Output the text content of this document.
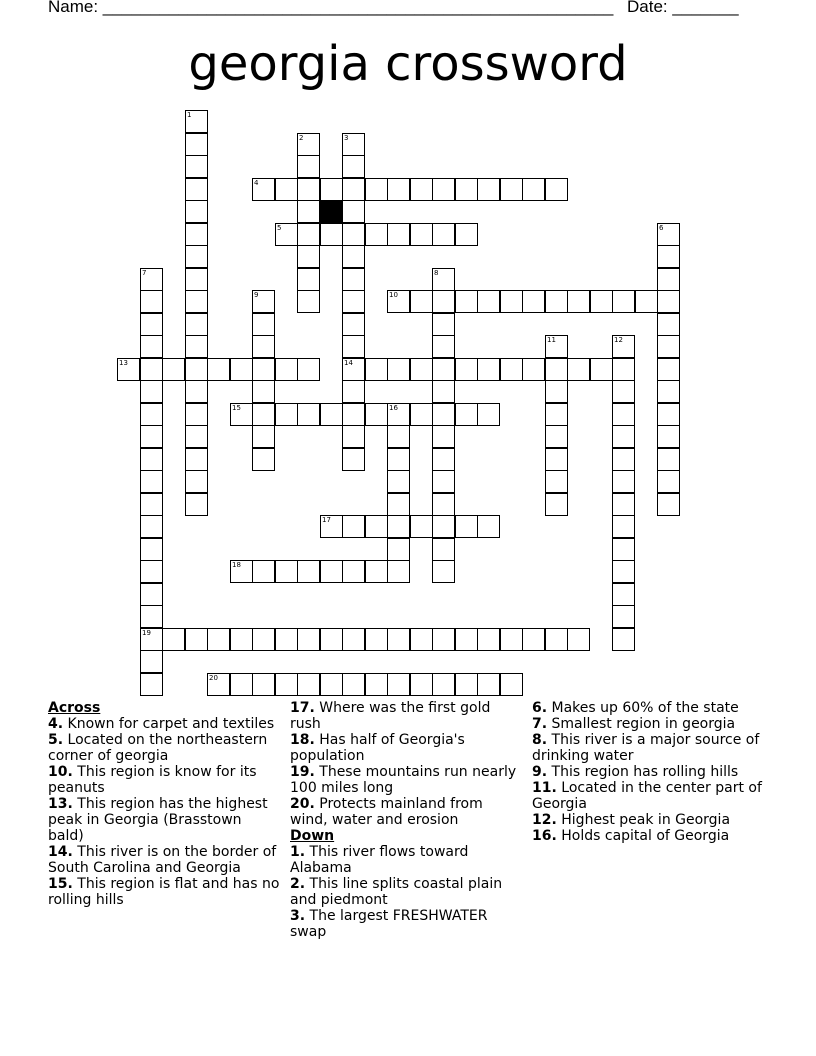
Name: ______________________________________________________ Date: _______
georgia crossword
1
2	3
14
4
5	6
7
19
8
9	10
11	12
13
15	16
17
18
20
Across
4. Known for carpet and textiles
5. Located on the northeastern corner of georgia
10. This region is know for its peanuts
13. This region has the highest peak in Georgia (Brasstown bald)
14. This river is on the border of South Carolina and Georgia
15. This region is flat and has no rolling hills
17. Where was the first gold rush
18. Has half of Georgia's population
19. These mountains run nearly 100 miles long
20. Protects mainland from wind, water and erosion
Down
1. This river flows toward Alabama
2. This line splits coastal plain and piedmont
3. The largest FRESHWATER swap
6. Makes up 60% of the state
7. Smallest region in georgia
8. This river is a major source of drinking water
9. This region has rolling hills
11. Located in the center part of Georgia
12. Highest peak in Georgia
16. Holds capital of Georgia
